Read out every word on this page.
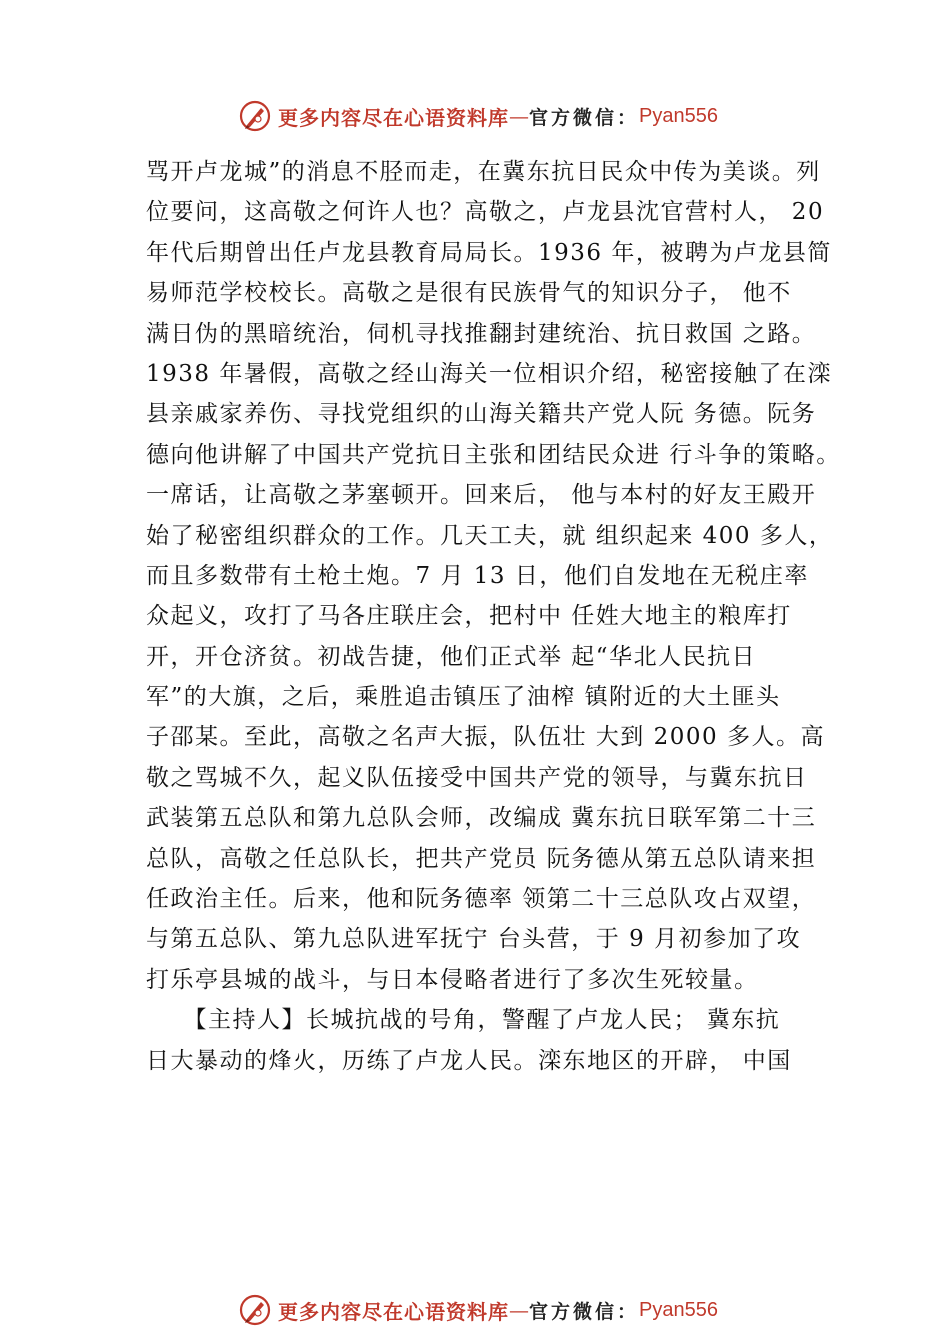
更多内容尽在心语资料库 — 官方微信： Pyan556
骂开卢龙城”的消息不胫而走，在冀东抗日民众中传为美谈。列
位要问，这高敬之何许人也？高敬之，卢龙县沈官营村人， 20
年代后期曾出任卢龙县教育局局长。1936 年，被聘为卢龙县简
易师范学校校长。高敬之是很有民族骨气的知识分子， 他不
满日伪的黑暗统治，伺机寻找推翻封建统治、抗日救国 之路。
1938 年暑假，高敬之经山海关一位相识介绍，秘密接触了在滦
县亲戚家养伤、寻找党组织的山海关籍共产党人阮 务德。阮务
德向他讲解了中国共产党抗日主张和团结民众进 行斗争的策略。
一席话，让高敬之茅塞顿开。回来后， 他与本村的好友王殿开
始了秘密组织群众的工作。几天工夫，就 组织起来 400 多人，
而且多数带有土枪土炮。7 月 13 日，他们自发地在无税庄率
众起义，攻打了马各庄联庄会，把村中 任姓大地主的粮库打
开，开仓济贫。初战告捷，他们正式举 起“华北人民抗日
军”的大旗，之后，乘胜追击镇压了油榨 镇附近的大土匪头
子邵某。至此，高敬之名声大振，队伍壮 大到 2000 多人。高
敬之骂城不久，起义队伍接受中国共产党的领导，与冀东抗日
武装第五总队和第九总队会师，改编成 冀东抗日联军第二十三
总队，高敬之任总队长，把共产党员 阮务德从第五总队请来担
任政治主任。后来，他和阮务德率 领第二十三总队攻占双望，
与第五总队、第九总队进军抚宁 台头营，于 9 月初参加了攻
打乐亭县城的战斗，与日本侵略者进行了多次生死较量。
　　【主持人】长城抗战的号角，警醒了卢龙人民； 冀东抗
日大暴动的烽火，历练了卢龙人民。滦东地区的开辟， 中国
更多内容尽在心语资料库 — 官方微信： Pyan556
